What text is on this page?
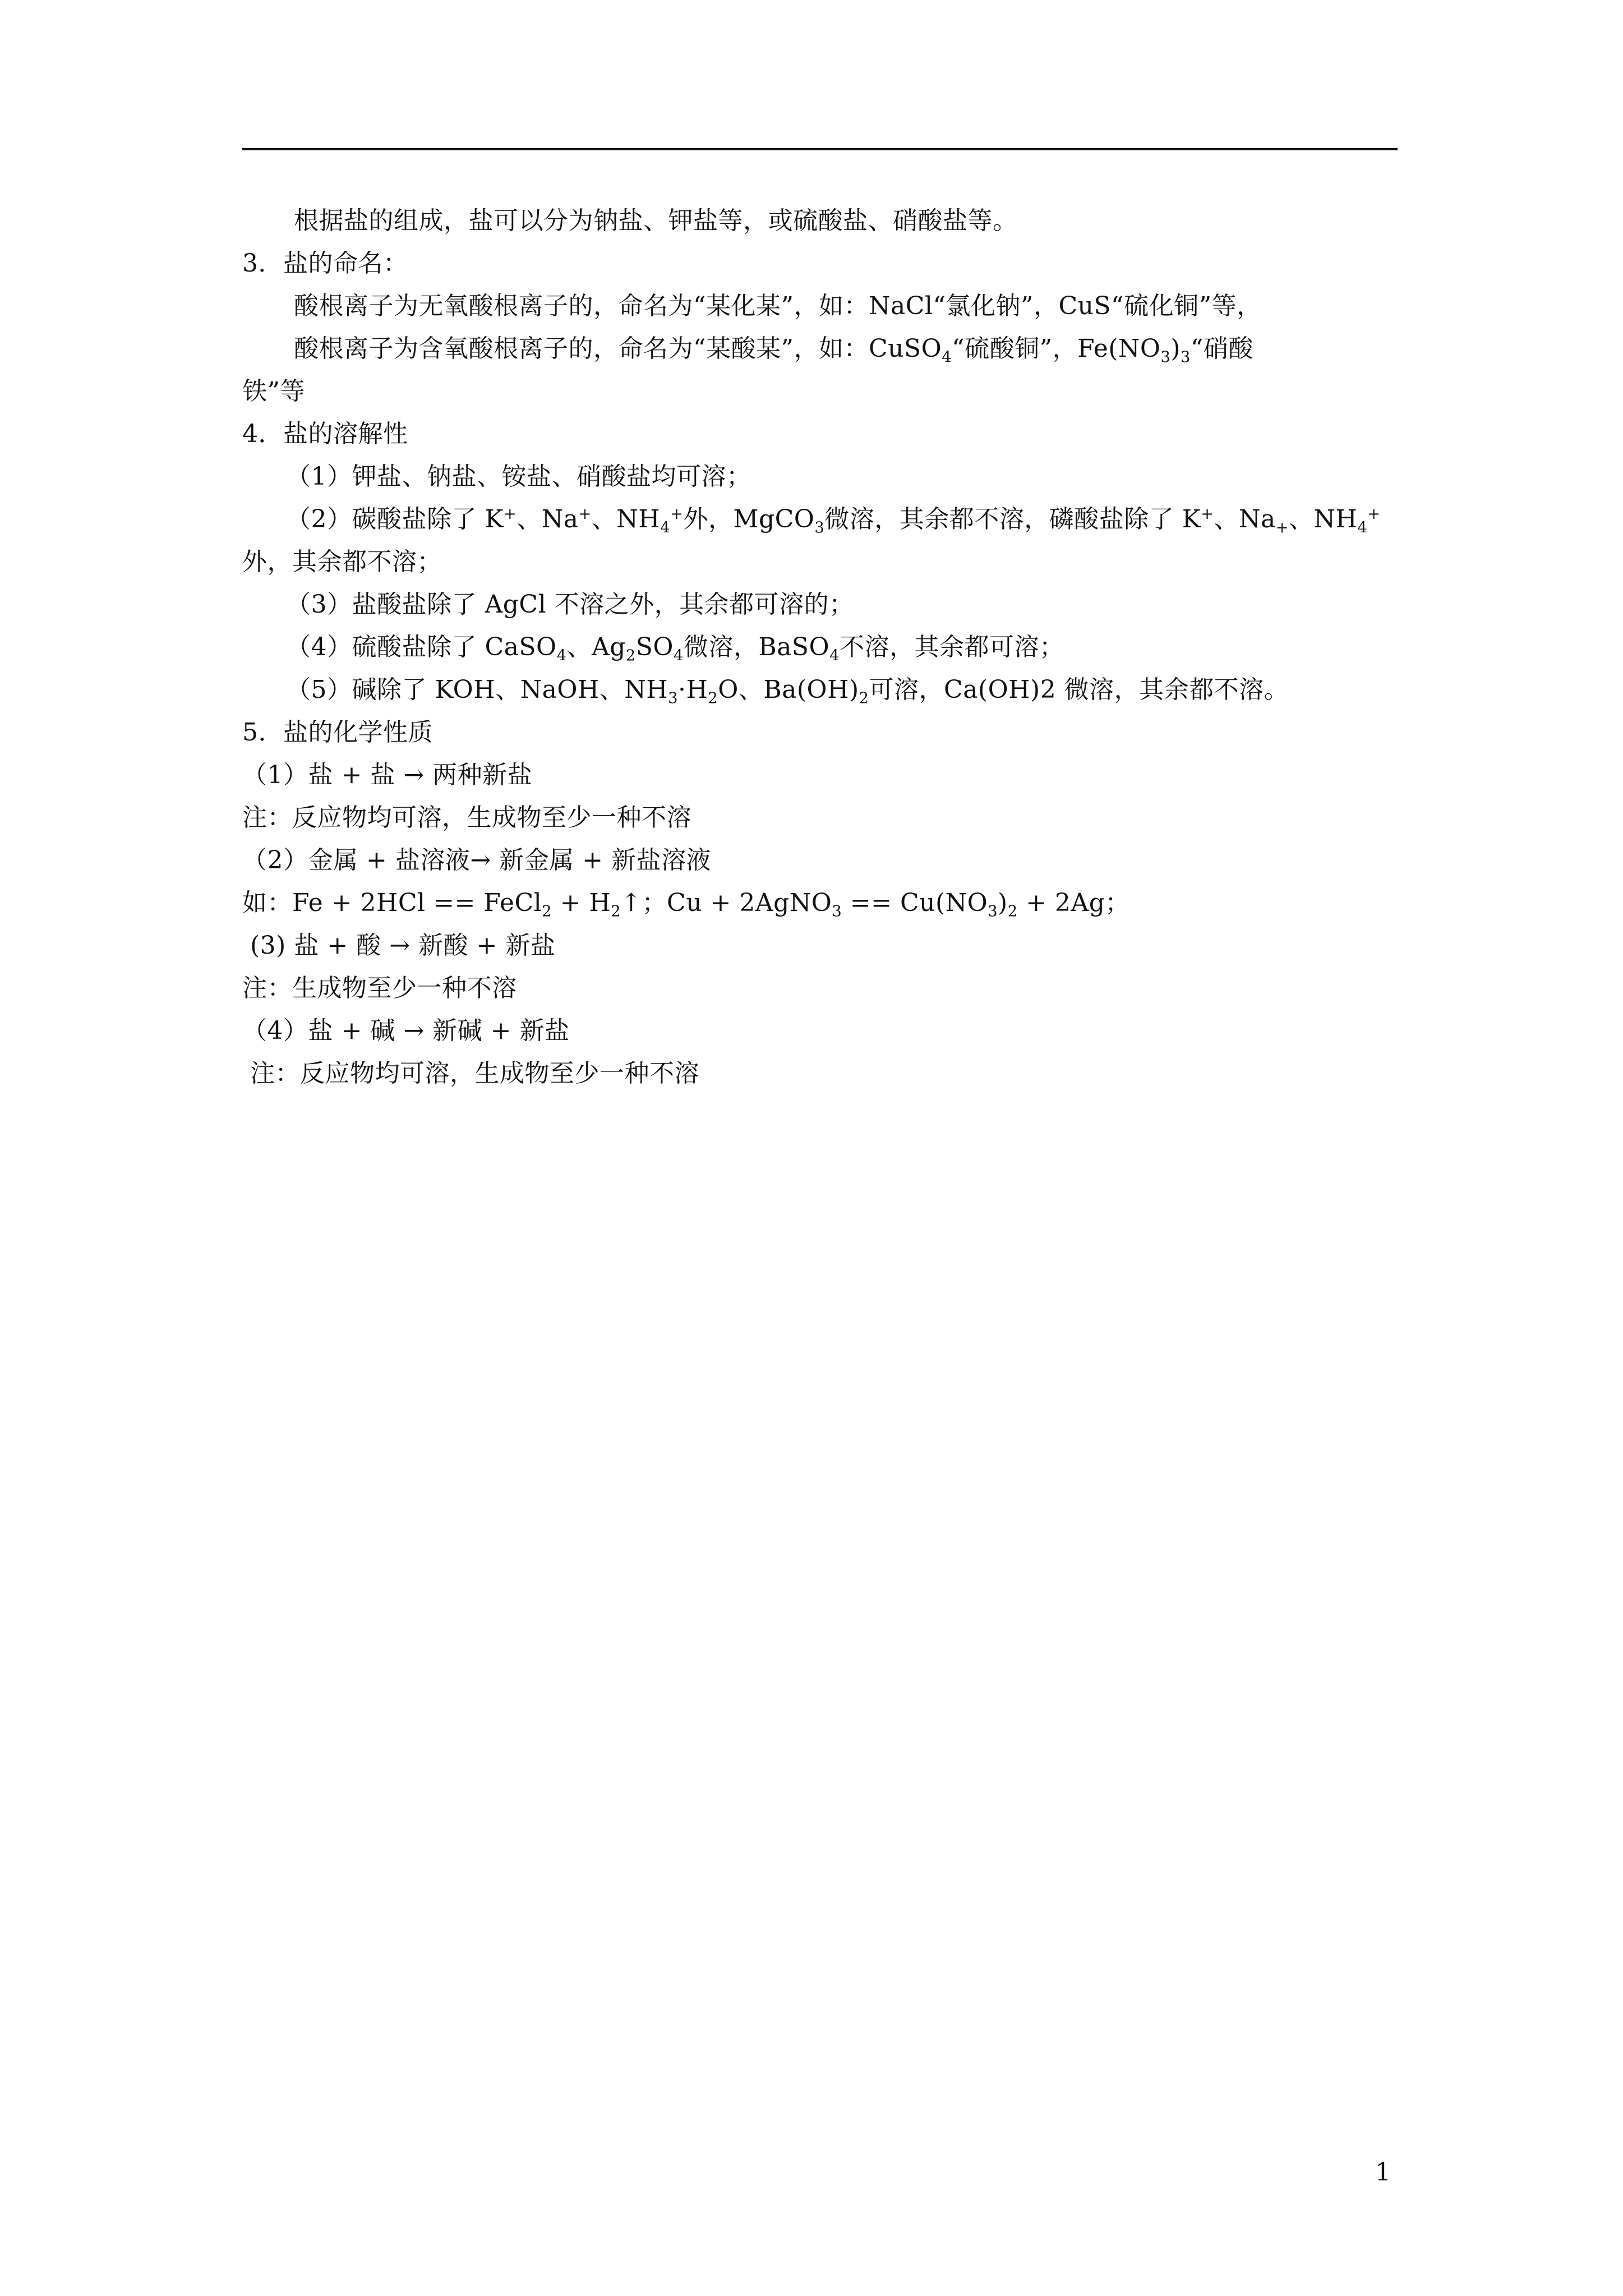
根据盐的组成，盐可以分为钠盐、钾盐等，或硫酸盐、硝酸盐等。
3．盐的命名：
酸根离子为无氧酸根离子的，命名为“某化某”，如：NaCl“氯化钠”，CuS“硫化铜”等，
酸根离子为含氧酸根离子的，命名为“某酸某”，如：CuSO$_4$“硫酸铜”，$Fe(NO_3)_3“$硝酸
铁”等
4．盐的溶解性
（1）钾盐、钠盐、铵盐、硝酸盐均可溶；
（2）碳酸盐除了 K+、Na+、$NH_4^+$外，MgCO$_3$微溶，其余都不溶，磷酸盐除了 K+、$Na_+$、$NH_4^+$
外，其余都不溶；
（3）盐酸盐除了 AgCl 不溶之外，其余都可溶的；
（4）硫酸盐除了 CaSO$_4$、$Ag_2SO_4$微溶，BaSO$_4$不溶，其余都可溶；
（5）碱除了 KOH、NaOH、$NH_3\cdot H_2O$、$Ba(OH)_2$可溶，Ca(OH)2 微溶，其余都不溶。
5．盐的化学性质
（1）盐 + 盐 → 两种新盐
注：反应物均可溶，生成物至少一种不溶
（2）金属 + 盐溶液→ 新金属 + 新盐溶液
如：Fe + 2HCl == FeCl$_2$ + $H_2↑$；Cu + 2AgNO$_3$ == $Cu(NO_3)_2 + 2Ag$；
(3) 盐 + 酸 → 新酸 + 新盐
注：生成物至少一种不溶
（4）盐 + 碱 → 新碱 + 新盐
注：反应物均可溶，生成物至少一种不溶
1
